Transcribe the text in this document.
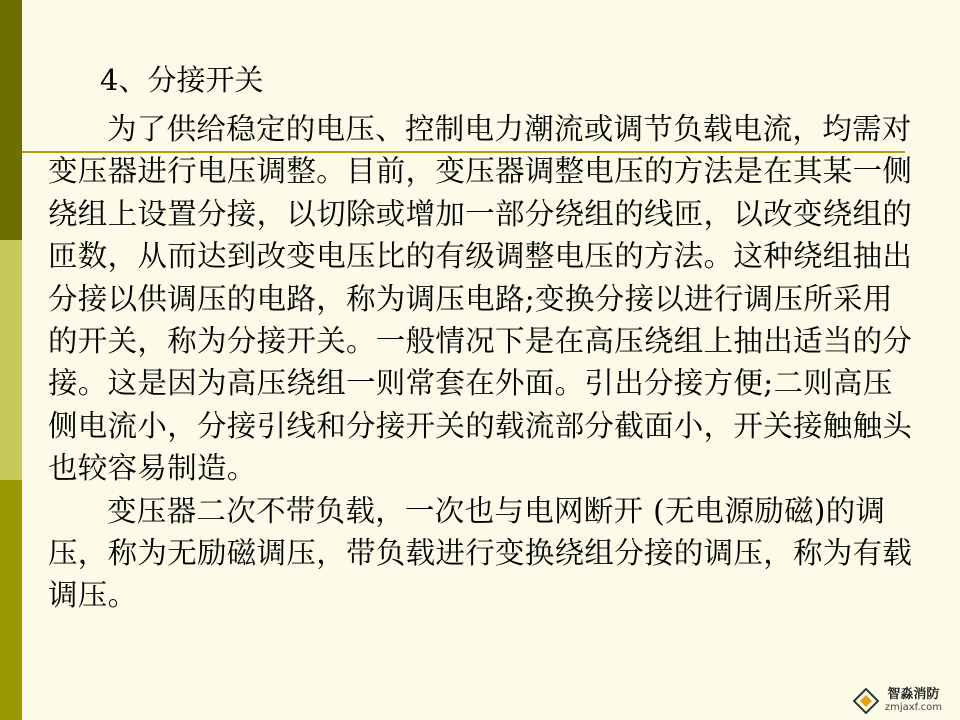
4、分接开关

为了供给稳定的电压、控制电力潮流或调节负载电流，均需对变压器进行电压调整。目前，变压器调整电压的方法是在其某一侧绕组上设置分接，以切除或增加一部分绕组的线匝，以改变绕组的匝数，从而达到改变电压比的有级调整电压的方法。这种绕组抽出分接以供调压的电路，称为调压电路;变换分接以进行调压所采用的开关，称为分接开关。一般情况下是在高压绕组上抽出适当的分接。这是因为高压绕组一则常套在外面。引出分接方便;二则高压侧电流小，分接引线和分接开关的载流部分截面小，开关接触触头也较容易制造。

变压器二次不带负载，一次也与电网断开 (无电源励磁)的调压，称为无励磁调压，带负载进行变换绕组分接的调压，称为有载调压。

智淼消防
zmjaxf.com
